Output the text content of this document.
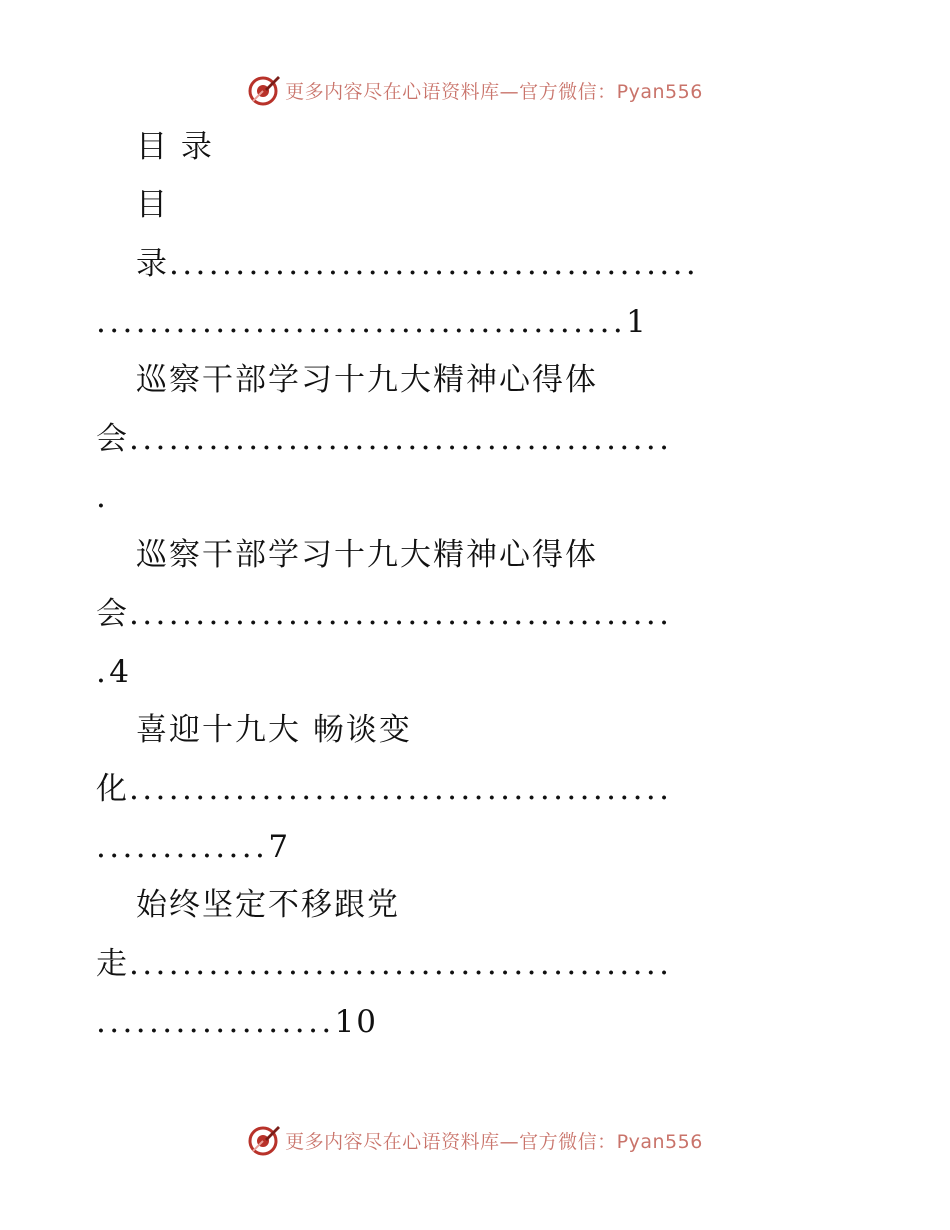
更多内容尽在心语资料库—官方微信：Pyan556
目 录
目
录........................................
........................................1
巡察干部学习十九大精神心得体
会.........................................
.
巡察干部学习十九大精神心得体
会.........................................
.4
喜迎十九大 畅谈变
化.........................................
.............7
始终坚定不移跟党
走.........................................
..................10
更多内容尽在心语资料库—官方微信：Pyan556
